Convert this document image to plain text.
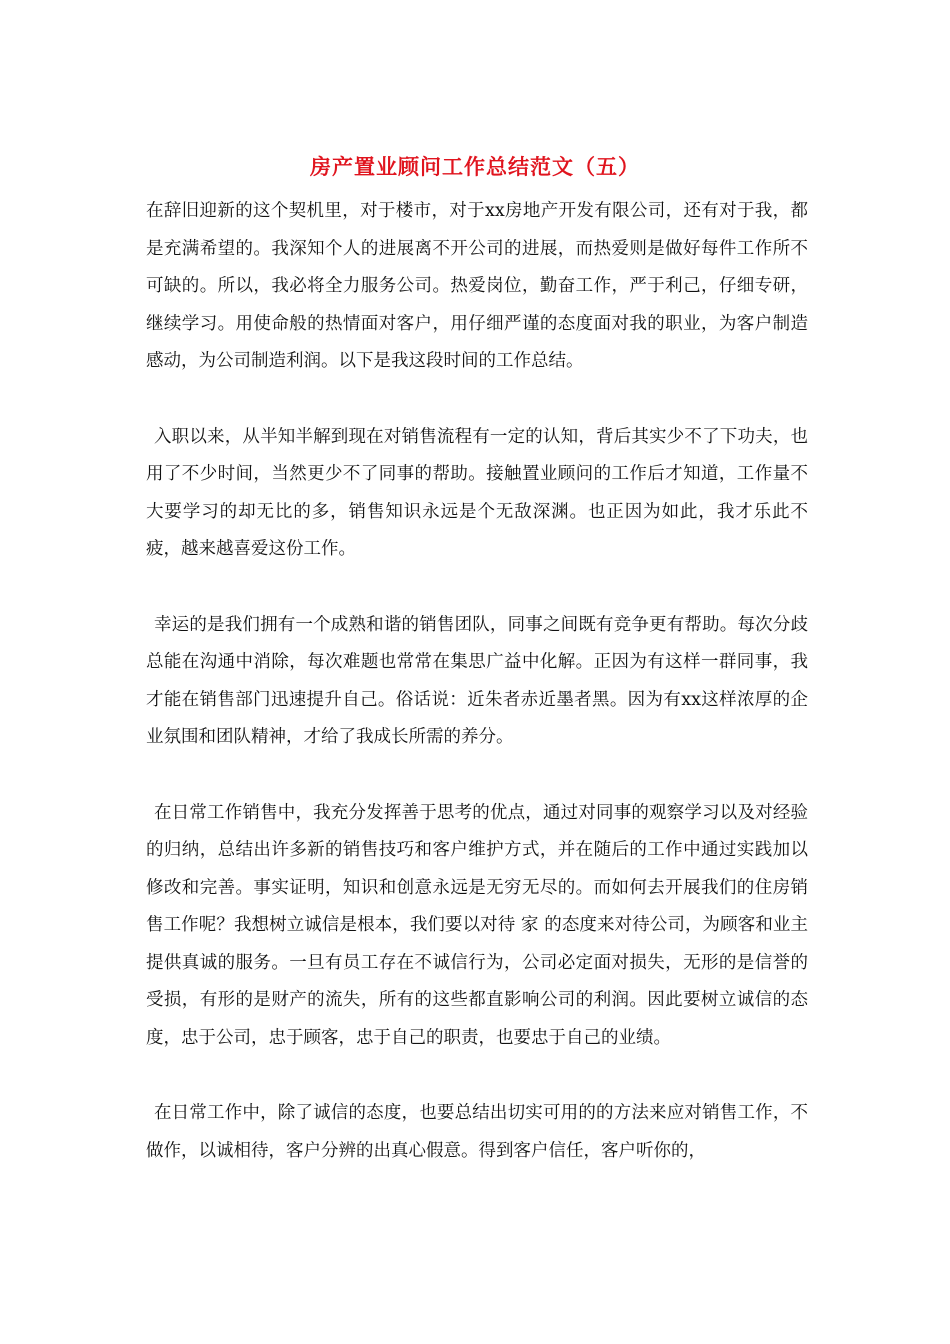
房产置业顾问工作总结范文（五）

在辞旧迎新的这个契机里，对于楼市，对于xx房地产开发有限公司，还有对于我，都是充满希望的。我深知个人的进展离不开公司的进展，而热爱则是做好每件工作所不可缺的。所以，我必将全力服务公司。热爱岗位，勤奋工作，严于利己，仔细专研，继续学习。用使命般的热情面对客户，用仔细严谨的态度面对我的职业，为客户制造感动，为公司制造利润。以下是我这段时间的工作总结。

入职以来，从半知半解到现在对销售流程有一定的认知，背后其实少不了下功夫，也用了不少时间，当然更少不了同事的帮助。接触置业顾问的工作后才知道，工作量不大要学习的却无比的多，销售知识永远是个无敌深渊。也正因为如此，我才乐此不疲，越来越喜爱这份工作。

幸运的是我们拥有一个成熟和谐的销售团队，同事之间既有竞争更有帮助。每次分歧总能在沟通中消除，每次难题也常常在集思广益中化解。正因为有这样一群同事，我才能在销售部门迅速提升自己。俗话说：近朱者赤近墨者黑。因为有xx这样浓厚的企业氛围和团队精神，才给了我成长所需的养分。

在日常工作销售中，我充分发挥善于思考的优点，通过对同事的观察学习以及对经验的归纳，总结出许多新的销售技巧和客户维护方式，并在随后的工作中通过实践加以修改和完善。事实证明，知识和创意永远是无穷无尽的。而如何去开展我们的住房销售工作呢？我想树立诚信是根本，我们要以对待 家 的态度来对待公司，为顾客和业主提供真诚的服务。一旦有员工存在不诚信行为，公司必定面对损失，无形的是信誉的受损，有形的是财产的流失，所有的这些都直影响公司的利润。因此要树立诚信的态度，忠于公司，忠于顾客，忠于自己的职责，也要忠于自己的业绩。

在日常工作中，除了诚信的态度，也要总结出切实可用的的方法来应对销售工作，不做作，以诚相待，客户分辨的出真心假意。得到客户信任，客户听你的，
